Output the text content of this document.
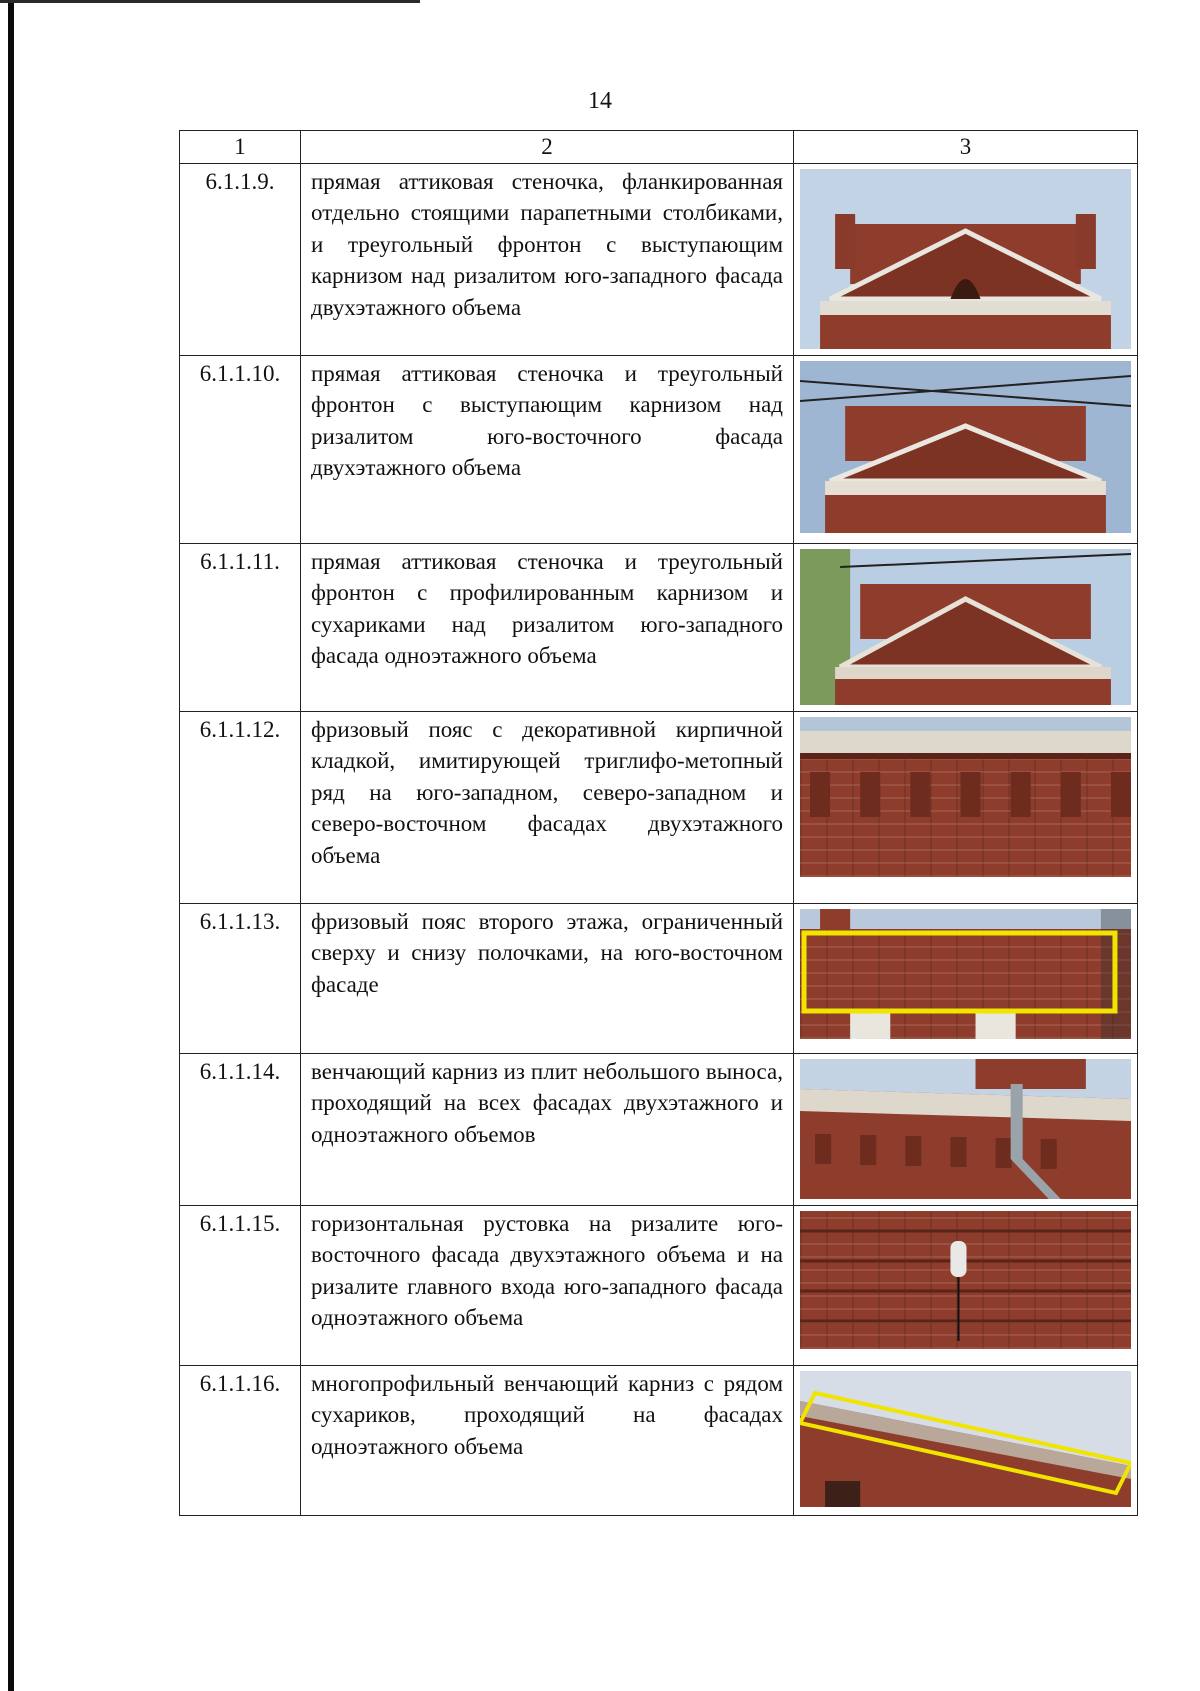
14
1	2	3
6.1.1.9.	прямая аттиковая стеночка, фланкированная отдельно стоящими парапетными столбиками, и треугольный фронтон с выступающим карнизом над ризалитом юго-западного фасада двухэтажного объема	

6.1.1.10.	прямая аттиковая стеночка и треугольный фронтон с выступающим карнизом над ризалитом юго-восточного фасада двухэтажного объема	

6.1.1.11.	прямая аттиковая стеночка и треугольный фронтон с профилированным карнизом и сухариками над ризалитом юго-западного фасада одноэтажного объема	

6.1.1.12.	фризовый пояс с декоративной кирпичной кладкой, имитирующей триглифо-метопный ряд на юго-западном, северо-западном и северо-восточном фасадах двухэтажного объема	

6.1.1.13.	фризовый пояс второго этажа, ограниченный сверху и снизу полочками, на юго-восточном фасаде	

6.1.1.14.	венчающий карниз из плит небольшого выноса, проходящий на всех фасадах двухэтажного и одноэтажного объемов	

6.1.1.15.	горизонтальная рустовка на ризалите юго-восточного фасада двухэтажного объема и на ризалите главного входа юго-западного фасада одноэтажного объема	

6.1.1.16.	многопрофильный венчающий карниз с рядом сухариков, проходящий на фасадах одноэтажного объема	
